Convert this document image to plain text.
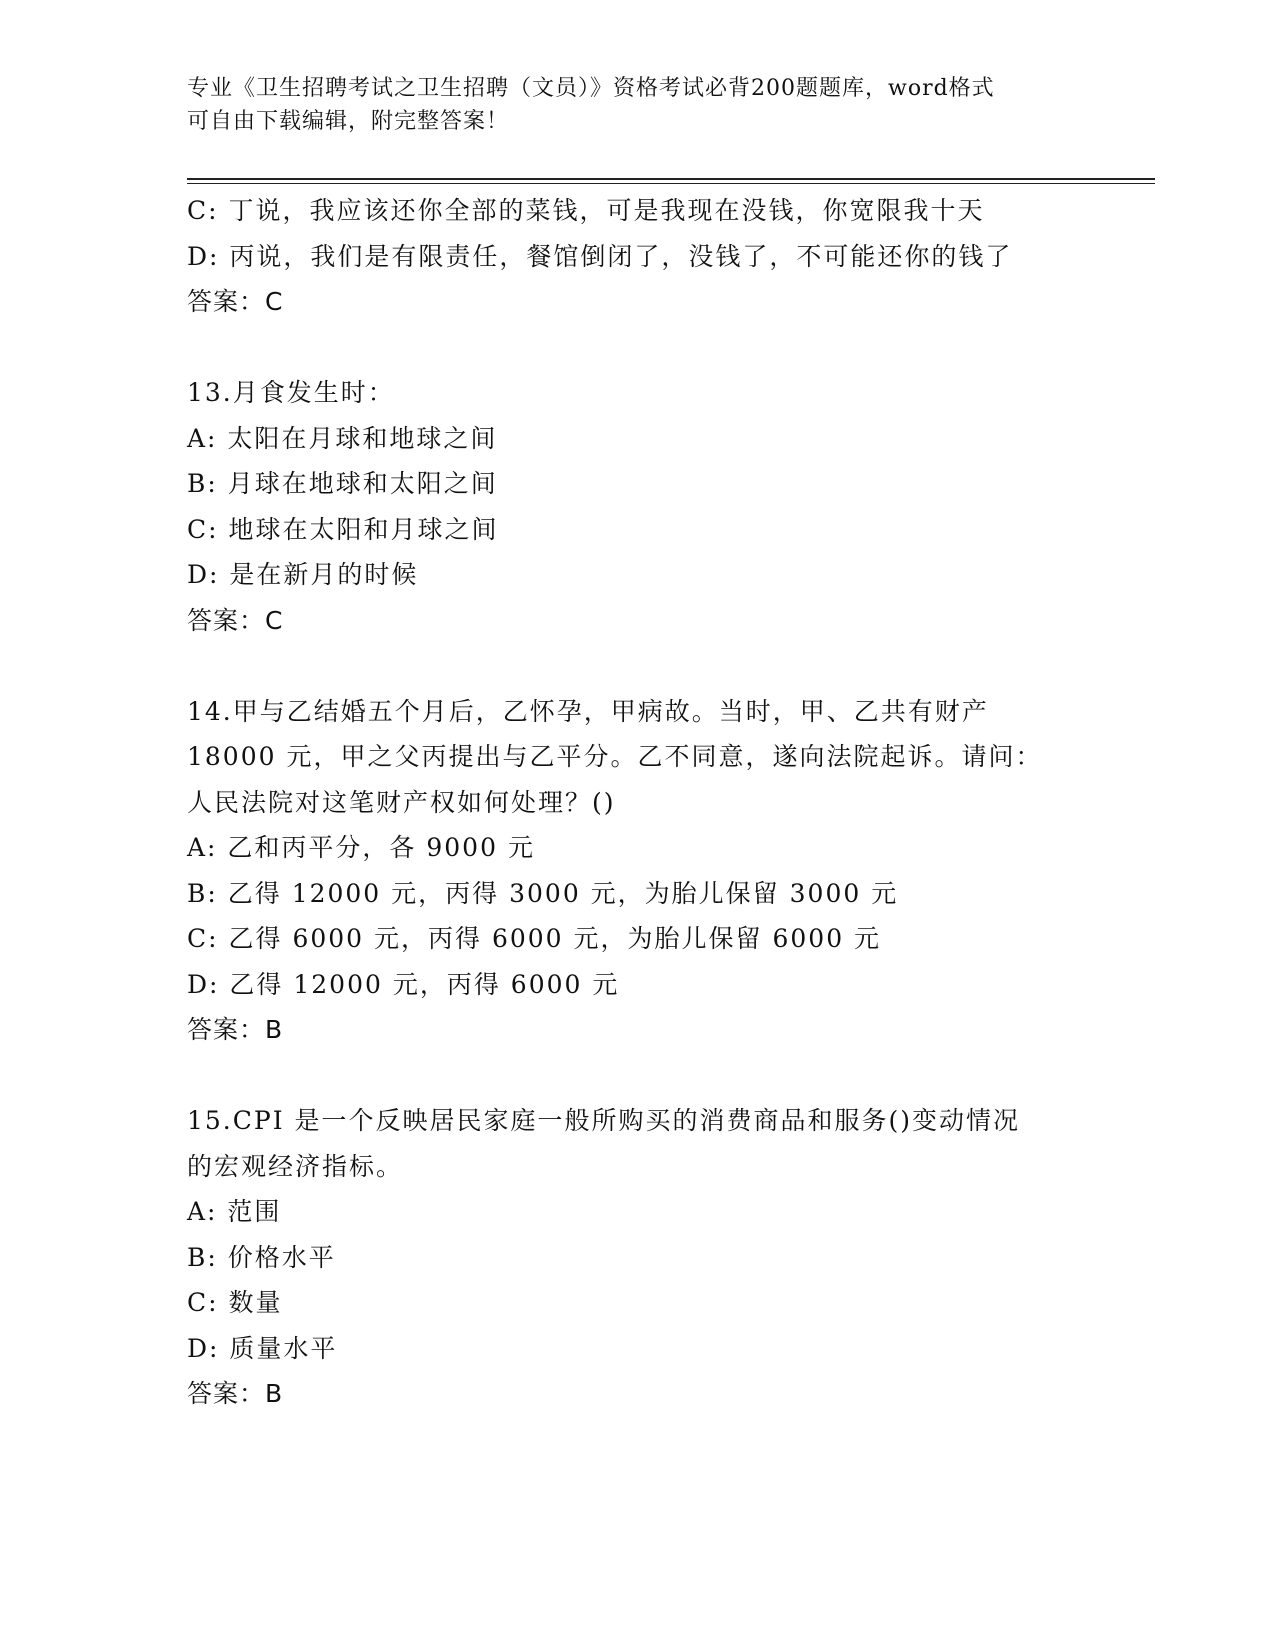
专业《卫生招聘考试之卫生招聘（文员）》资格考试必背200题题库，word格式
可自由下载编辑，附完整答案！
C: 丁说，我应该还你全部的菜钱，可是我现在没钱，你宽限我十天
D: 丙说，我们是有限责任，餐馆倒闭了，没钱了，不可能还你的钱了
答案：C
13.月食发生时：
A: 太阳在月球和地球之间
B: 月球在地球和太阳之间
C: 地球在太阳和月球之间
D: 是在新月的时候
答案：C
14.甲与乙结婚五个月后，乙怀孕，甲病故。当时，甲、乙共有财产
18000 元，甲之父丙提出与乙平分。乙不同意，遂向法院起诉。请问：
人民法院对这笔财产权如何处理？()
A: 乙和丙平分，各 9000 元
B: 乙得 12000 元，丙得 3000 元，为胎儿保留 3000 元
C: 乙得 6000 元，丙得 6000 元，为胎儿保留 6000 元
D: 乙得 12000 元，丙得 6000 元
答案：B
15.CPI 是一个反映居民家庭一般所购买的消费商品和服务()变动情况
的宏观经济指标。
A: 范围
B: 价格水平
C: 数量
D: 质量水平
答案：B
